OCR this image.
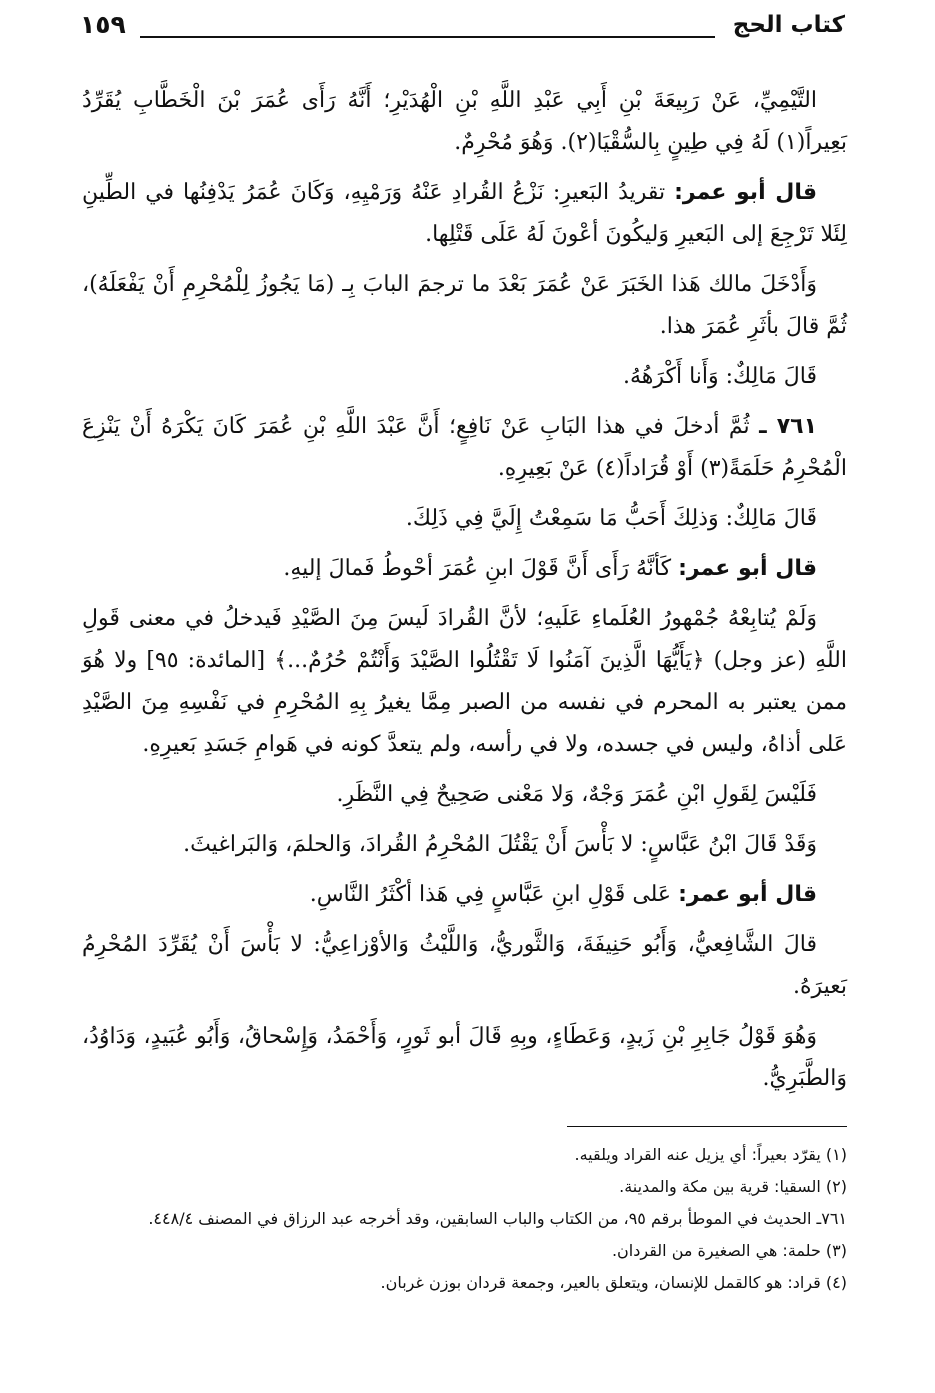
كتاب الحج
١٥٩

التَّيْمِيِّ، عَنْ رَبِيعَةَ بْنِ أَبِي عَبْدِ اللَّهِ بْنِ الْهُدَيْرِ؛ أَنَّهُ رَأَى عُمَرَ بْنَ الْخَطَّابِ يُقَرِّدُ بَعِيراً(١) لَهُ فِي طِينٍ بِالسُّقْيَا(٢). وَهُوَ مُحْرِمٌ.

قال أبو عمر: تقريدُ البَعيرِ: نَزْعُ القُرادِ عَنْهُ وَرَمْيِهِ، وَكَانَ عُمَرُ يَدْفِنُها في الطِّينِ لِئَلا تَرْجِعَ إلى البَعيرِ وَليكُونَ أعْونَ لَهُ عَلَى قَتْلِها.

وَأَدْخَلَ مالك هَذا الخَبَرَ عَنْ عُمَرَ بَعْدَ ما ترجمَ البابَ بِـ (مَا يَجُوزُ لِلْمُحْرِمِ أَنْ يَفْعَلَهُ)، ثُمَّ قالَ بأثَرِ عُمَرَ هذا.

قَالَ مَالِكٌ: وَأَنا أَكْرَهُهُ.

٧٦١ ـ ثُمَّ أدخلَ في هذا البَابِ عَنْ نَافِعٍ؛ أَنَّ عَبْدَ اللَّهِ بْنِ عُمَرَ كَانَ يَكْرَهُ أَنْ يَنْزِعَ الْمُحْرِمُ حَلَمَةً(٣) أَوْ قُرَاداً(٤) عَنْ بَعِيرِهِ.

قَالَ مَالِكٌ: وَذلِكَ أَحَبُّ مَا سَمِعْتُ إِلَيَّ فِي ذَلِكَ.

قال أبو عمر: كَأنَّهُ رَأَى أَنَّ قَوْلَ ابنِ عُمَرَ أحْوطُ فَمالَ إليهِ.

وَلَمْ يُتابِعْهُ جُمْهورُ العُلَماءِ عَلَيهِ؛ لأنَّ القُرادَ لَيسَ مِنَ الصَّيْدِ فَيدخلُ في معنى قَولِ اللَّهِ (عز وجل) ﴿يَأَيُّهَا الَّذِينَ آمَنُوا لَا تَقْتُلُوا الصَّيْدَ وَأَنْتُمْ حُرُمٌ...﴾ [المائدة: ٩٥] ولا هُوَ ممن يعتبر به المحرم في نفسه من الصبر مِمَّا يغيرُ بِهِ المُحْرِمِ في نَفْسِهِ مِنَ الصَّيْدِ عَلى أذاهُ، وليس في جسده، ولا في رأسه، ولم يتعدَّ كونه في هَوامِ جَسَدِ بَعيرِهِ.

فَلَيْسَ لِقَولِ ابْنِ عُمَرَ وَجْهٌ، وَلا مَعْنى صَحِيحٌ فِي النَّظَرِ.

وَقَدْ قَالَ ابْنُ عَبَّاسٍ: لا بَأْسَ أَنْ يَقْتُلَ المُحْرِمُ القُرادَ، وَالحلمَ، وَالبَراغيثَ.

قال أبو عمر: عَلى قَوْلِ ابنِ عَبَّاسٍ فِي هَذا أكْثَرُ النَّاسِ.

قالَ الشَّافِعيُّ، وَأَبُو حَنِيفَةَ، وَالثَّوريُّ، وَاللَّيْثُ وَالأوْزاعِيُّ: لا بَأْسَ أَنْ يُقَرِّدَ المُحْرِمُ بَعيرَهُ.

وَهُوَ قَوْلُ جَابِرِ بْنِ زَيدٍ، وَعَطَاءٍ، وبِهِ قَالَ أبو ثَورٍ، وَأَحْمَدُ، وَإِسْحاقُ، وَأَبُو عُبَيدٍ، وَدَاوُدُ، وَالطَّبَرِيُّ.

(١) يقرّد بعيراً: أي يزيل عنه القراد ويلقيه.

(٢) السقيا: قرية بين مكة والمدينة.

٧٦١ـ الحديث في الموطأ برقم ٩٥، من الكتاب والباب السابقين، وقد أخرجه عبد الرزاق في المصنف ٤٤٨/٤.

(٣) حلمة: هي الصغيرة من القردان.

(٤) قراد: هو كالقمل للإنسان، ويتعلق بالعير، وجمعة قردان بوزن غربان.
